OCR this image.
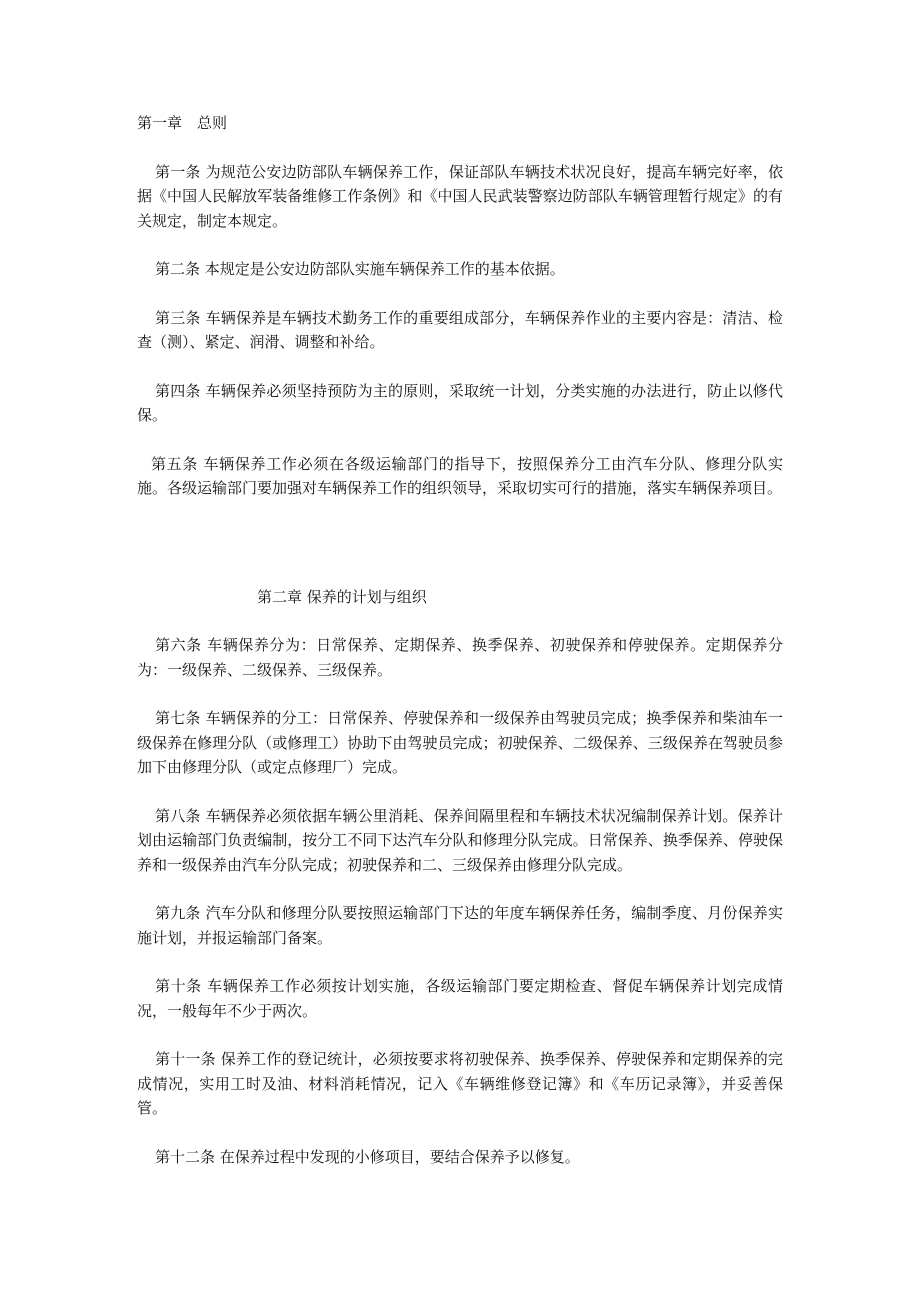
第一章　总则

第一条 为规范公安边防部队车辆保养工作，保证部队车辆技术状况良好，提高车辆完好率，依据《中国人民解放军装备维修工作条例》和《中国人民武装警察边防部队车辆管理暂行规定》的有关规定，制定本规定。

第二条 本规定是公安边防部队实施车辆保养工作的基本依据。

第三条 车辆保养是车辆技术勤务工作的重要组成部分，车辆保养作业的主要内容是：清洁、检查（测）、紧定、润滑、调整和补给。

第四条 车辆保养必须坚持预防为主的原则，采取统一计划，分类实施的办法进行，防止以修代保。

第五条 车辆保养工作必须在各级运输部门的指导下，按照保养分工由汽车分队、修理分队实施。各级运输部门要加强对车辆保养工作的组织领导，采取切实可行的措施，落实车辆保养项目。

第二章 保养的计划与组织

第六条 车辆保养分为：日常保养、定期保养、换季保养、初驶保养和停驶保养。定期保养分为：一级保养、二级保养、三级保养。

第七条 车辆保养的分工：日常保养、停驶保养和一级保养由驾驶员完成；换季保养和柴油车一级保养在修理分队（或修理工）协助下由驾驶员完成；初驶保养、二级保养、三级保养在驾驶员参加下由修理分队（或定点修理厂）完成。

第八条 车辆保养必须依据车辆公里消耗、保养间隔里程和车辆技术状况编制保养计划。保养计划由运输部门负责编制，按分工不同下达汽车分队和修理分队完成。日常保养、换季保养、停驶保养和一级保养由汽车分队完成；初驶保养和二、三级保养由修理分队完成。

第九条 汽车分队和修理分队要按照运输部门下达的年度车辆保养任务，编制季度、月份保养实施计划，并报运输部门备案。

第十条 车辆保养工作必须按计划实施，各级运输部门要定期检查、督促车辆保养计划完成情况，一般每年不少于两次。

第十一条 保养工作的登记统计，必须按要求将初驶保养、换季保养、停驶保养和定期保养的完成情况，实用工时及油、材料消耗情况，记入《车辆维修登记簿》和《车历记录簿》，并妥善保管。

第十二条 在保养过程中发现的小修项目，要结合保养予以修复。
